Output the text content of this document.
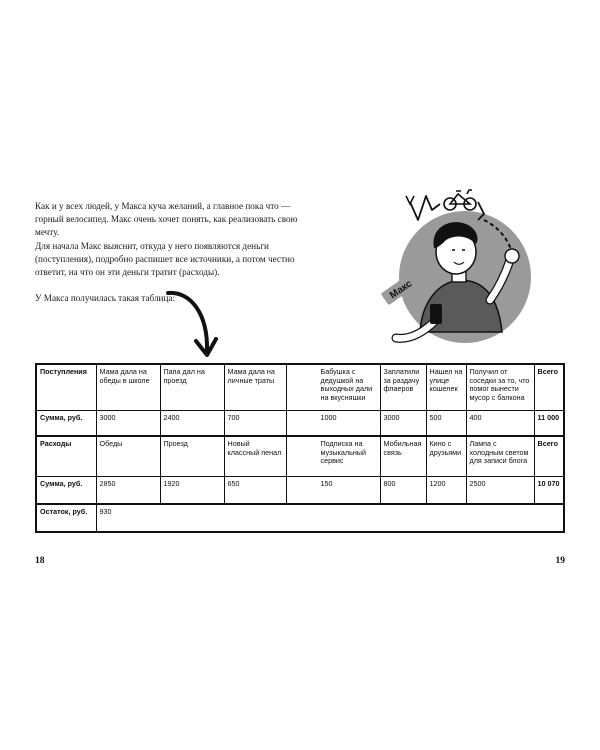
Как и у всех людей, у Макса куча желаний, а главное пока что — горный велосипед. Макс очень хочет понять, как реализовать свою мечту.

Для начала Макс выяснит, откуда у него появляются деньги (поступления), подробно распишет все источники, а потом честно ответит, на что он эти деньги тратит (расходы).

У Макса получилась такая таблица:	Макс
Поступления	Мама дала на обеды в школе	Папа дал на проезд	Мама дала на личные траты	Бабушка с дедушкой на выходных дали на вкусняшки	Заплатили за раздачу флаеров	Нашел на улице кошелек	Получил от соседки за то, что помог вынести мусор с балкона	Всего
Сумма, руб.	3000	2400	700	1000	3000	500	400	11 000
Расходы	Обеды	Проезд	Новый классный пенал	Подписка на музыкальный сервис	Мобильная связь	Кино с друзьями	Лампа с холодным светом для записи блога	Всего
Сумма, руб.	2850	1920	650	150	800	1200	2500	10 070
Остаток, руб.	930							
18	19
